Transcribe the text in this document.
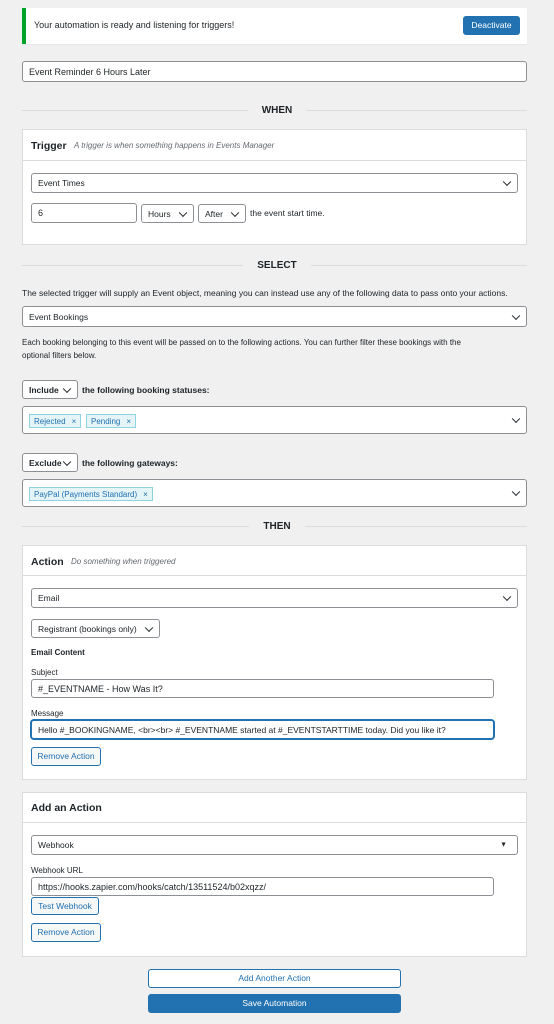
Your automation is ready and listening for triggers!	Deactivate
Event Reminder 6 Hours Later
WHEN
Trigger A trigger is when something happens in Events Manager
Event Times
6	Hours	After	the event start time.
SELECT
The selected trigger will supply an Event object, meaning you can instead use any of the following data to pass onto your actions.
Event Bookings
Each booking belonging to this event will be passed on to the following actions. You can further filter these bookings with the
optional filters below.
Include	the following booking statuses:
Rejected × Pending ×
Exclude the following gateways:
PayPal (Payments Standard) ×
THEN
Action Do something when triggered
Email
Registrant (bookings only)
Email Content
Subject
#_EVENTNAME - How Was It?
Message
Hello #_BOOKINGNAME, <br><br> #_EVENTNAME started at #_EVENTSTARTTIME today. Did you like it?
Remove Action
Add an Action
Webhook	▼
Webhook URL
https://hooks.zapier.com/hooks/catch/13511524/b02xqzz/
Test Webhook
Remove Action
Add Another Action
Save Automation
